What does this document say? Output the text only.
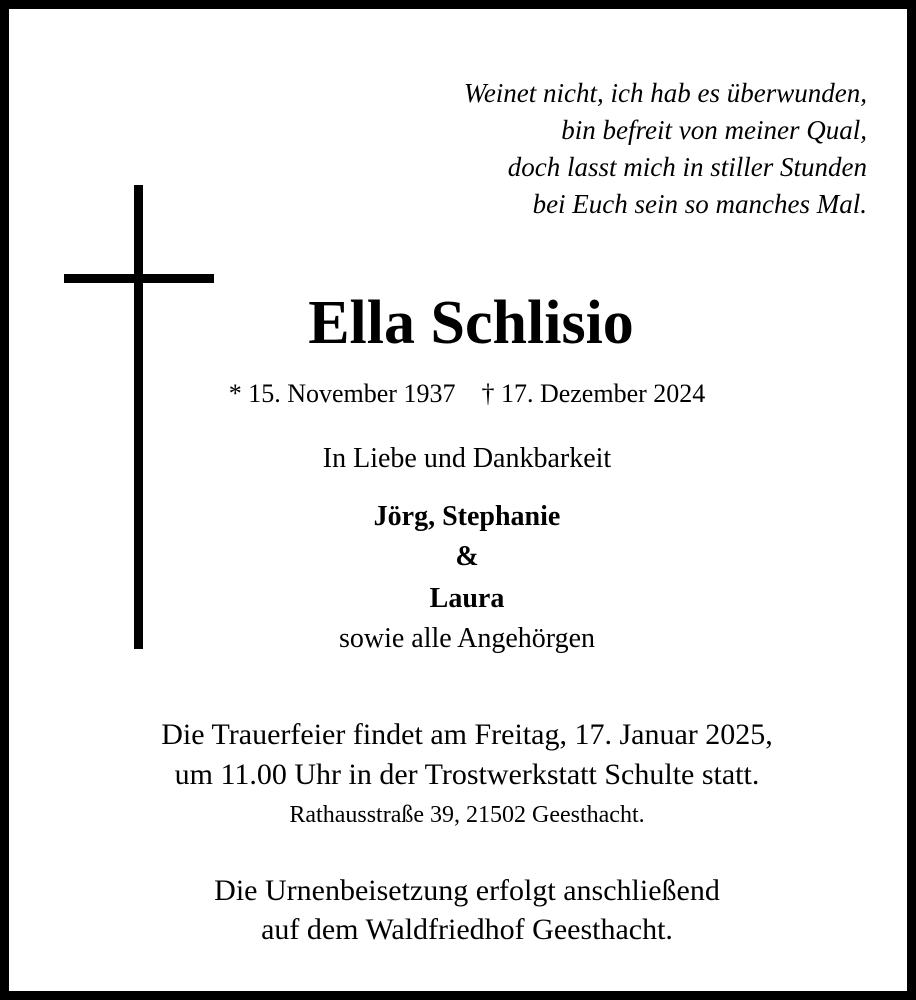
Weinet nicht, ich hab es überwunden,
bin befreit von meiner Qual,
doch lasst mich in stiller Stunden
bei Euch sein so manches Mal.
Ella Schlisio
* 15. November 1937 † 17. Dezember 2024
In Liebe und Dankbarkeit
Jörg, Stephanie
&
Laura
sowie alle Angehörgen
Die Trauerfeier findet am Freitag, 17. Januar 2025,
um 11.00 Uhr in der Trostwerkstatt Schulte statt.
Rathausstraße 39, 21502 Geesthacht.
Die Urnenbeisetzung erfolgt anschließend
auf dem Waldfriedhof Geesthacht.
